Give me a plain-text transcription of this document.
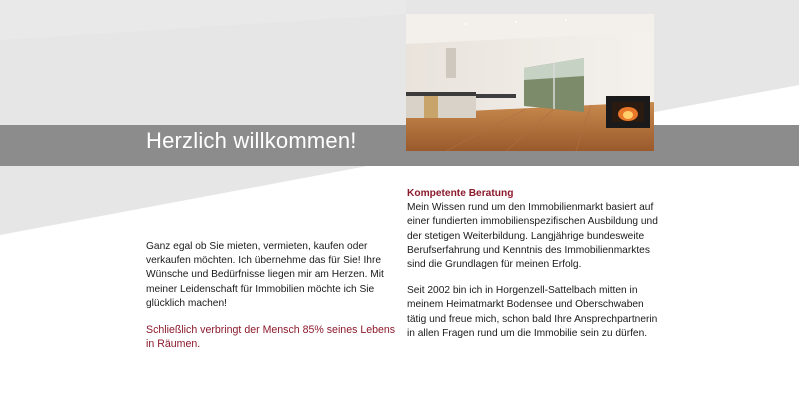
Herzlich willkommen!

Ganz egal ob Sie mieten, vermieten, kaufen oder verkaufen möchten. Ich übernehme das für Sie! Ihre Wünsche und Bedürfnisse liegen mir am Herzen. Mit meiner Leidenschaft für Immobilien möchte ich Sie glücklich machen!

Schließlich verbringt der Mensch 85% seines Lebens in Räumen.

Kompetente Beratung

Mein Wissen rund um den Immobilienmarkt basiert auf einer fundierten immobilienspezifischen Ausbildung und der stetigen Weiterbildung. Langjährige bundesweite Berufserfahrung und Kenntnis des Immobilienmarktes sind die Grundlagen für meinen Erfolg.

Seit 2002 bin ich in Horgenzell-Sattelbach mitten in meinem Heimatmarkt Bodensee und Oberschwaben tätig und freue mich, schon bald Ihre Ansprechpartnerin in allen Fragen rund um die Immobilie sein zu dürfen.
